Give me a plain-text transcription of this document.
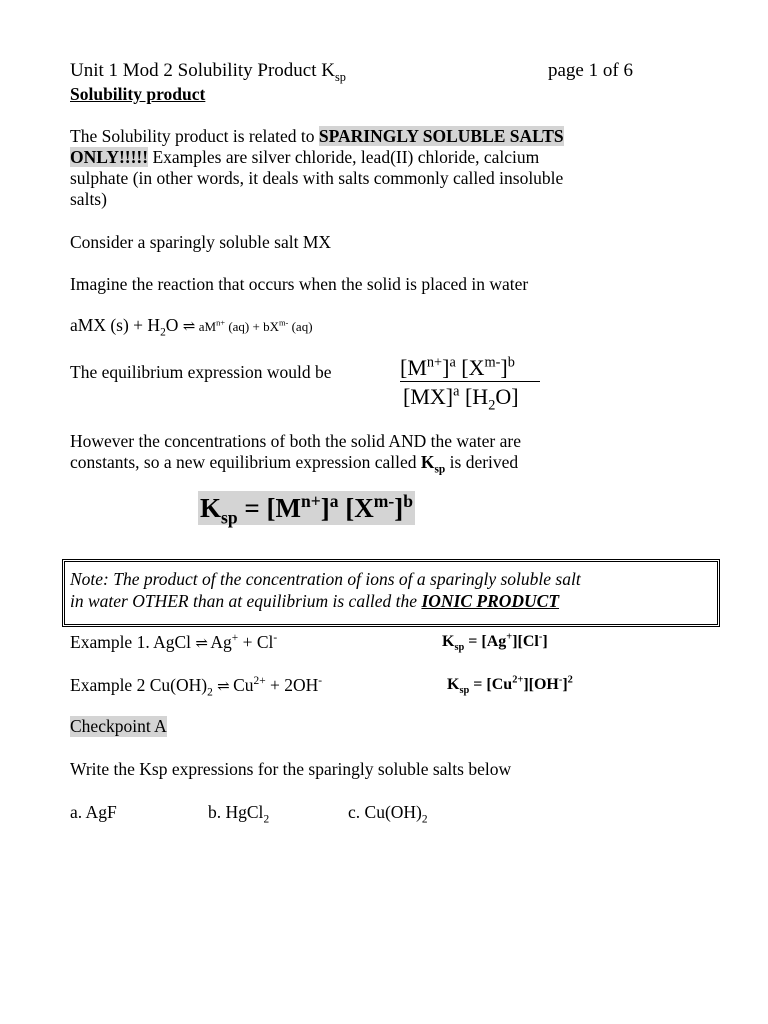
Unit 1 Mod 2 Solubility Product $K_{sp}$	page 1 of 6
Solubility product
The Solubility product is related to SPARINGLY SOLUBLE SALTS
ONLY!!!!! Examples are silver chloride, lead(II) chloride, calcium
sulphate (in other words, it deals with salts commonly called insoluble
salts)
Consider a sparingly soluble salt MX
Imagine the reaction that occurs when the solid is placed in water
aMX $(s) + H_2O$ ⇌ $aM^{n+}$ $(aq) + bX^{m-}$ (aq)
The equilibrium expression would be	$[M^{n+}]^a$ $[X^{m-}]^b$
[MX]$^a$ $[H_2O]$
However the concentrations of both the solid AND the water are
constants, so a new equilibrium expression called $K_{sp}$ is derived
$K_{sp} = [M^{n+}]^a$ $[X^{m-}]^b$
Note: The product of the concentration of ions of a sparingly soluble salt
in water OTHER than at equilibrium is called the IONIC PRODUCT
Example 1. AgCl ⇌ Ag+ + Cl-	$K_{sp} = [Ag^+][Cl^-]$
Example 2 $Cu(OH)_2$ ⇌ $Cu^{2+} + 2OH^-$	$K_{sp} = [Cu^{2+}][OH^-]^2$
Checkpoint A
Write the Ksp expressions for the sparingly soluble salts below
a. AgF	b. HgCl$_2$	c. $Cu(OH)_2$
